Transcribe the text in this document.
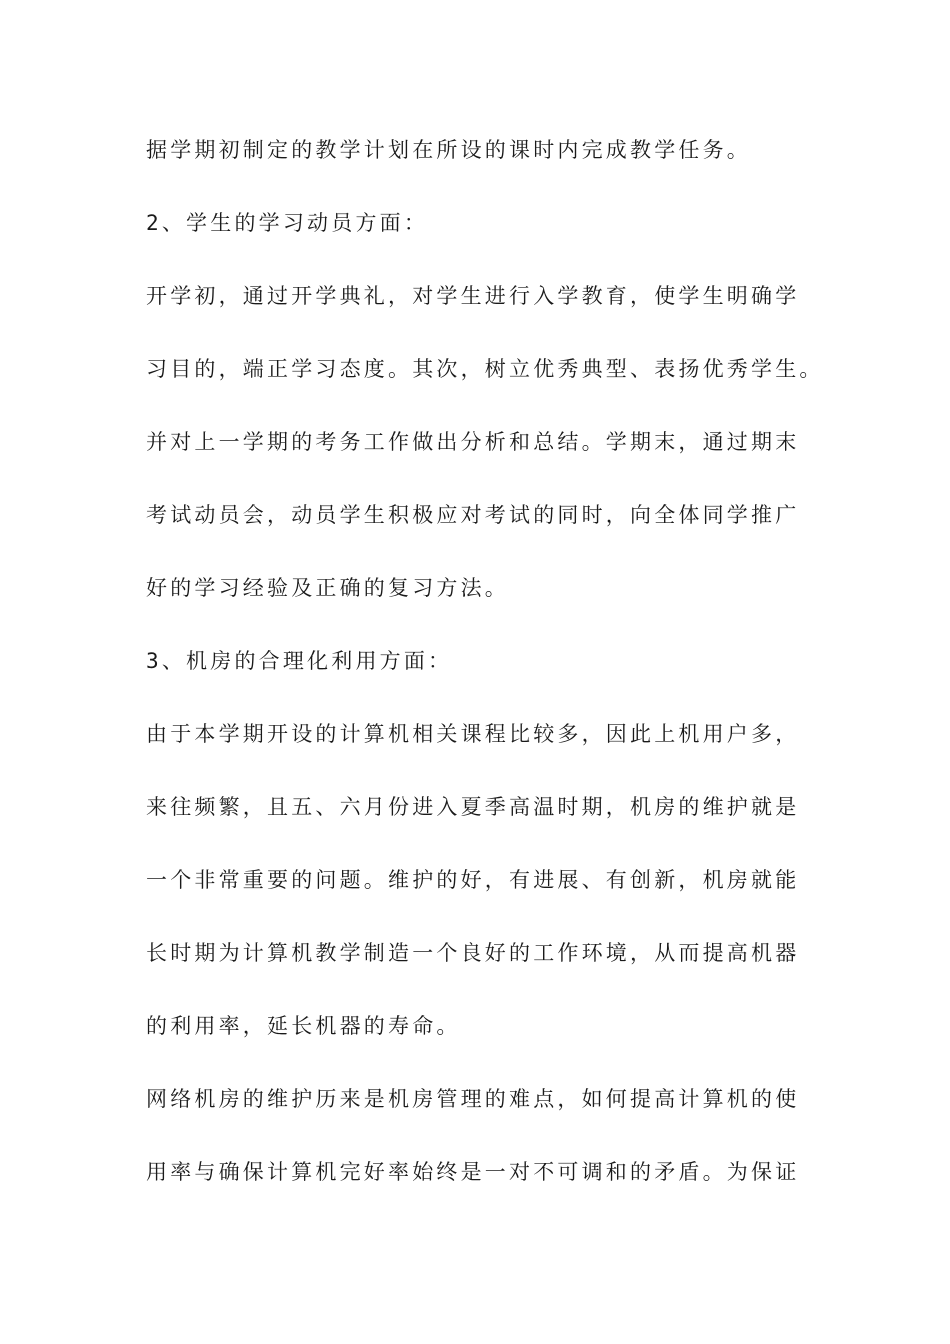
据学期初制定的教学计划在所设的课时内完成教学任务。

2、学生的学习动员方面：

开学初，通过开学典礼，对学生进行入学教育，使学生明确学

习目的，端正学习态度。其次，树立优秀典型、表扬优秀学生。

并对上一学期的考务工作做出分析和总结。学期末，通过期末

考试动员会，动员学生积极应对考试的同时，向全体同学推广

好的学习经验及正确的复习方法。

3、机房的合理化利用方面：

由于本学期开设的计算机相关课程比较多，因此上机用户多，

来往频繁，且五、六月份进入夏季高温时期，机房的维护就是

一个非常重要的问题。维护的好，有进展、有创新，机房就能

长时期为计算机教学制造一个良好的工作环境，从而提高机器

的利用率，延长机器的寿命。

网络机房的维护历来是机房管理的难点，如何提高计算机的使

用率与确保计算机完好率始终是一对不可调和的矛盾。为保证
